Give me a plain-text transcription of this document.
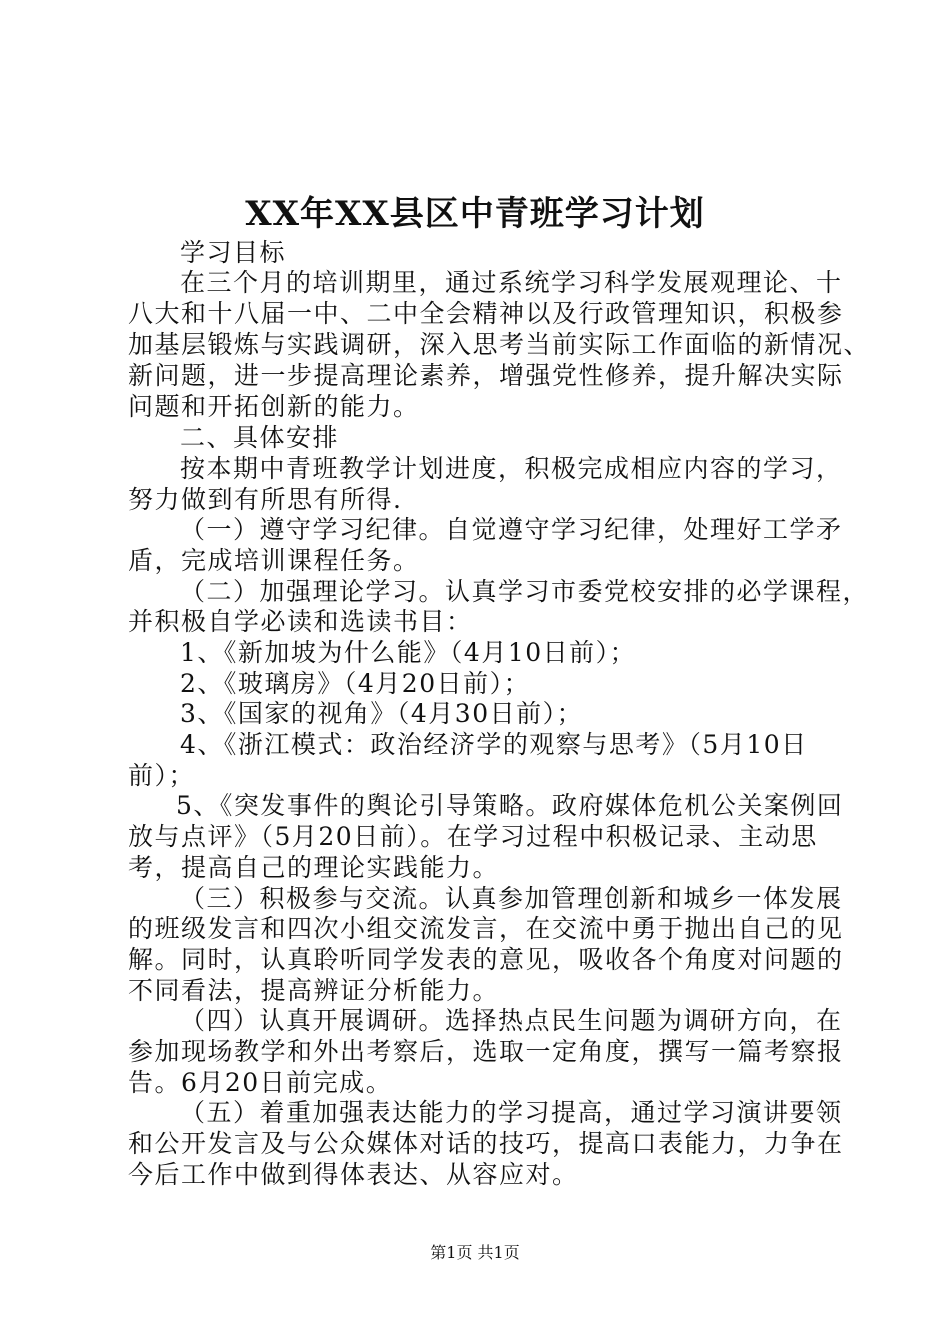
XX年XX县区中青班学习计划
学习目标
在三个月的培训期里，通过系统学习科学发展观理论、十
八大和十八届一中、二中全会精神以及行政管理知识，积极参
加基层锻炼与实践调研，深入思考当前实际工作面临的新情况、
新问题，进一步提高理论素养，增强党性修养，提升解决实际
问题和开拓创新的能力。
二、具体安排
按本期中青班教学计划进度，积极完成相应内容的学习，
努力做到有所思有所得.
（一）遵守学习纪律。自觉遵守学习纪律，处理好工学矛
盾，完成培训课程任务。
（二）加强理论学习。认真学习市委党校安排的必学课程，
并积极自学必读和选读书目：
1、《新加坡为什么能》（4月10日前）；
2、《玻璃房》（4月20日前）；
3、《国家的视角》（4月30日前）；
4、《浙江模式：政治经济学的观察与思考》（5月10日
前）；
5、《突发事件的舆论引导策略。政府媒体危机公关案例回
放与点评》（5月20日前）。在学习过程中积极记录、主动思
考，提高自己的理论实践能力。
（三）积极参与交流。认真参加管理创新和城乡一体发展
的班级发言和四次小组交流发言，在交流中勇于抛出自己的见
解。同时，认真聆听同学发表的意见，吸收各个角度对问题的
不同看法，提高辨证分析能力。
（四）认真开展调研。选择热点民生问题为调研方向，在
参加现场教学和外出考察后，选取一定角度，撰写一篇考察报
告。6月20日前完成。
（五）着重加强表达能力的学习提高，通过学习演讲要领
和公开发言及与公众媒体对话的技巧，提高口表能力，力争在
今后工作中做到得体表达、从容应对。
第1页 共1页
